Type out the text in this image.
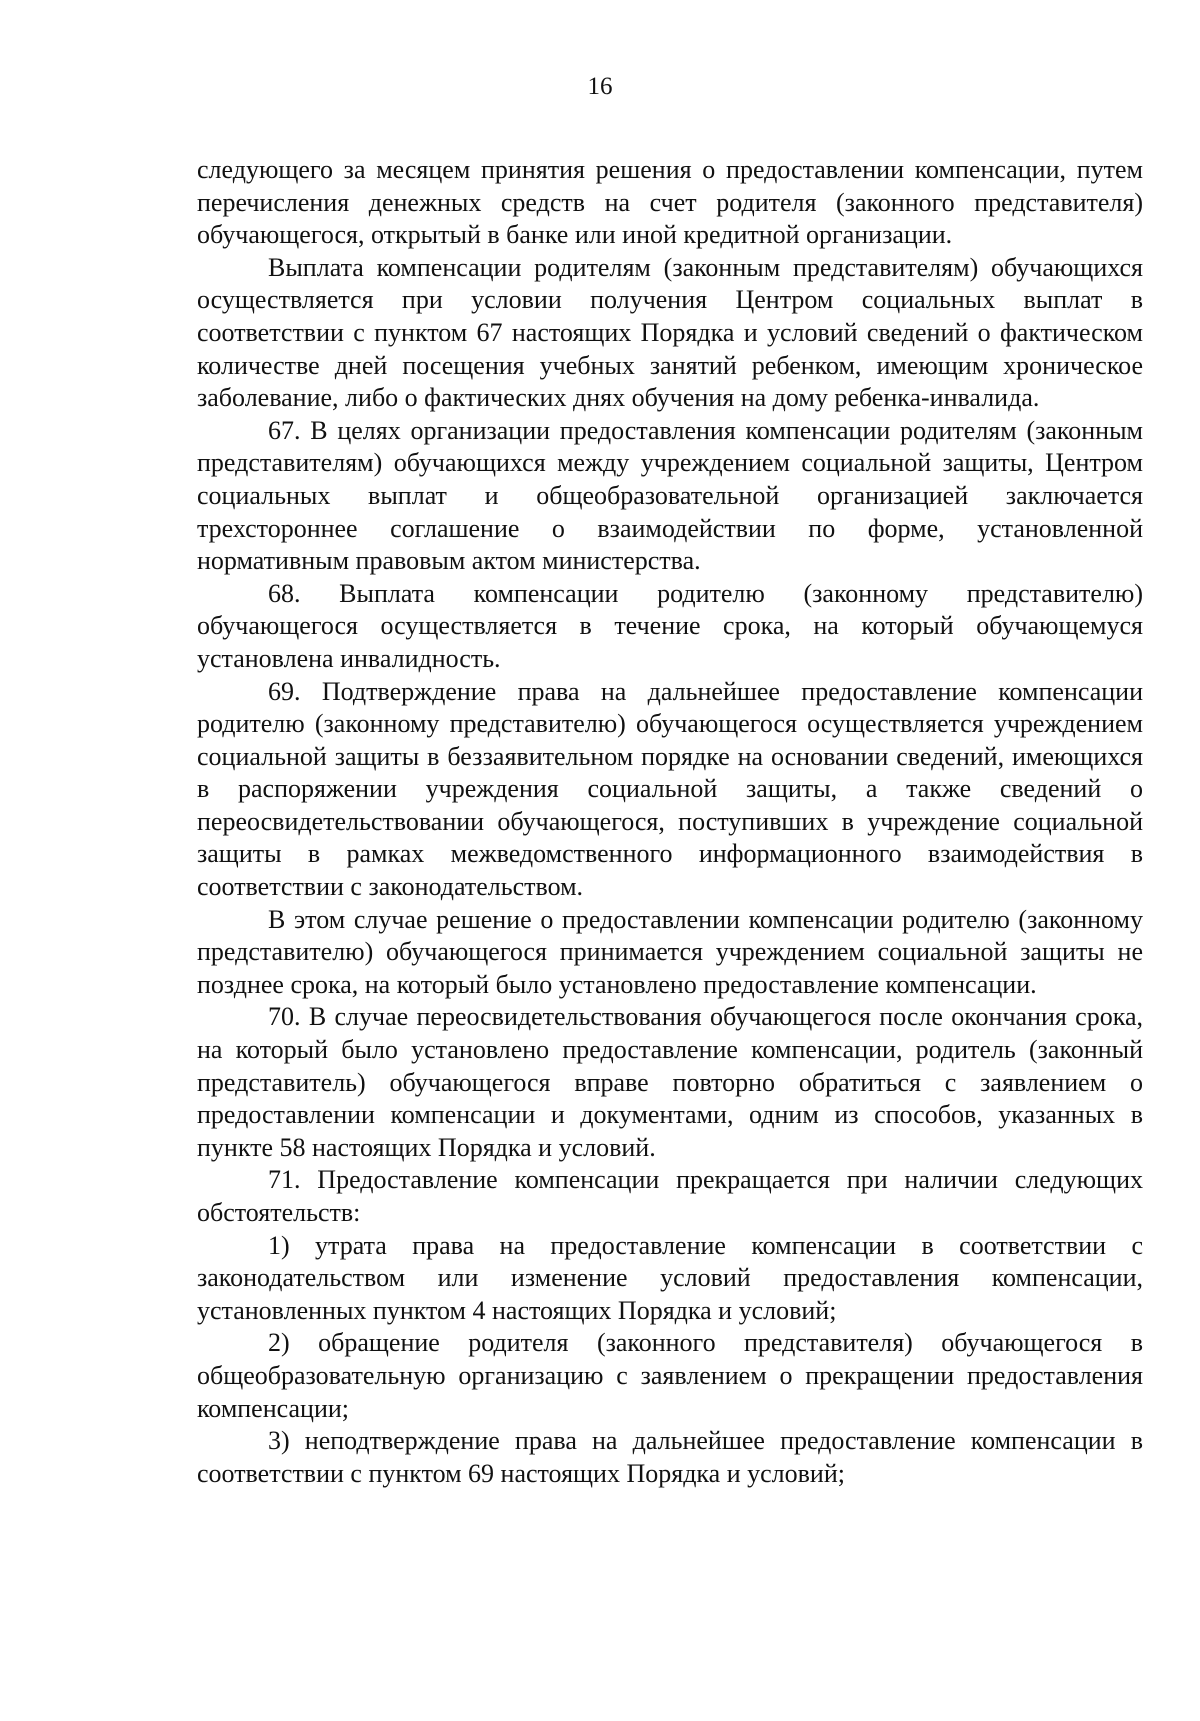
16

следующего за месяцем принятия решения о предоставлении компенсации, путем перечисления денежных средств на счет родителя (законного представителя) обучающегося, открытый в банке или иной кредитной организации.

Выплата компенсации родителям (законным представителям) обучающихся осуществляется при условии получения Центром социальных выплат в соответствии с пунктом 67 настоящих Порядка и условий сведений о фактическом количестве дней посещения учебных занятий ребенком, имеющим хроническое заболевание, либо о фактических днях обучения на дому ребенка-инвалида.

67. В целях организации предоставления компенсации родителям (законным представителям) обучающихся между учреждением социальной защиты, Центром социальных выплат и общеобразовательной организацией заключается трехстороннее соглашение о взаимодействии по форме, установленной нормативным правовым актом министерства.

68. Выплата компенсации родителю (законному представителю) обучающегося осуществляется в течение срока, на который обучающемуся установлена инвалидность.

69. Подтверждение права на дальнейшее предоставление компенсации родителю (законному представителю) обучающегося осуществляется учреждением социальной защиты в беззаявительном порядке на основании сведений, имеющихся в распоряжении учреждения социальной защиты, а также сведений о переосвидетельствовании обучающегося, поступивших в учреждение социальной защиты в рамках межведомственного информационного взаимодействия в соответствии с законодательством.

В этом случае решение о предоставлении компенсации родителю (законному представителю) обучающегося принимается учреждением социальной защиты не позднее срока, на который было установлено предоставление компенсации.

70. В случае переосвидетельствования обучающегося после окончания срока, на который было установлено предоставление компенсации, родитель (законный представитель) обучающегося вправе повторно обратиться с заявлением о предоставлении компенсации и документами, одним из способов, указанных в пункте 58 настоящих Порядка и условий.

71. Предоставление компенсации прекращается при наличии следующих обстоятельств:

1) утрата права на предоставление компенсации в соответствии с законодательством или изменение условий предоставления компенсации, установленных пунктом 4 настоящих Порядка и условий;

2) обращение родителя (законного представителя) обучающегося в общеобразовательную организацию с заявлением о прекращении предоставления компенсации;

3) неподтверждение права на дальнейшее предоставление компенсации в соответствии с пунктом 69 настоящих Порядка и условий;
